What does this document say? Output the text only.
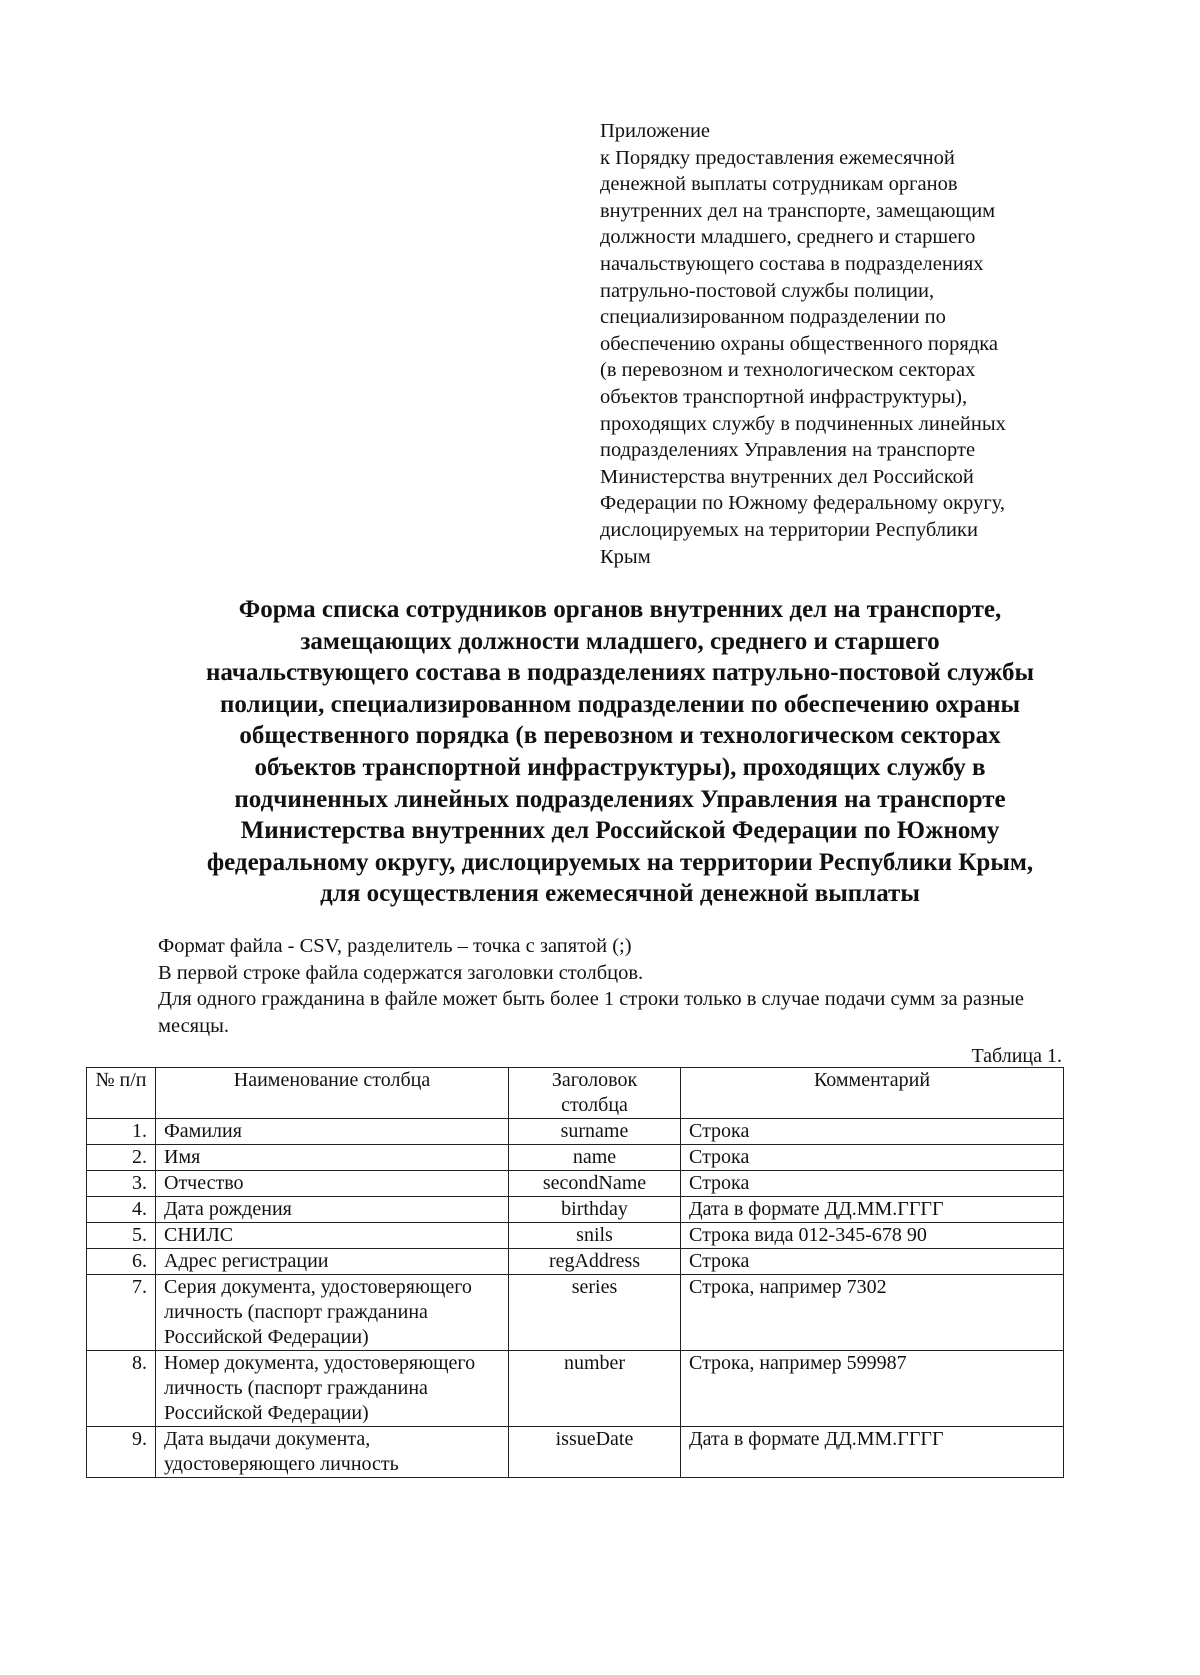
Приложение
к Порядку предоставления ежемесячной
денежной выплаты сотрудникам органов
внутренних дел на транспорте, замещающим
должности младшего, среднего и старшего
начальствующего состава в подразделениях
патрульно-постовой службы полиции,
специализированном подразделении по
обеспечению охраны общественного порядка
(в перевозном и технологическом секторах
объектов транспортной инфраструктуры),
проходящих службу в подчиненных линейных
подразделениях Управления на транспорте
Министерства внутренних дел Российской
Федерации по Южному федеральному округу,
дислоцируемых на территории Республики
Крым
Форма списка сотрудников органов внутренних дел на транспорте,
замещающих должности младшего, среднего и старшего
начальствующего состава в подразделениях патрульно-постовой службы
полиции, специализированном подразделении по обеспечению охраны
общественного порядка (в перевозном и технологическом секторах
объектов транспортной инфраструктуры), проходящих службу в
подчиненных линейных подразделениях Управления на транспорте
Министерства внутренних дел Российской Федерации по Южному
федеральному округу, дислоцируемых на территории Республики Крым,
для осуществления ежемесячной денежной выплаты
Формат файла - CSV, разделитель – точка с запятой (;)
В первой строке файла содержатся заголовки столбцов.
Для одного гражданина в файле может быть более 1 строки только в случае подачи сумм за разные месяцы.
Таблица 1.
№ п/п	Наименование столбца	Заголовок столбца	Комментарий
1.	Фамилия	surname	Строка
2.	Имя	name	Строка
3.	Отчество	secondName	Строка
4.	Дата рождения	birthday	Дата в формате ДД.ММ.ГГГГ
5.	СНИЛС	snils	Строка вида 012-345-678 90
6.	Адрес регистрации	regAddress	Строка
7.	Серия документа, удостоверяющего личность (паспорт гражданина Российской Федерации)	series	Строка, например 7302
8.	Номер документа, удостоверяющего личность (паспорт гражданина Российской Федерации)	number	Строка, например 599987
9.	Дата выдачи документа, удостоверяющего личность	issueDate	Дата в формате ДД.ММ.ГГГГ
